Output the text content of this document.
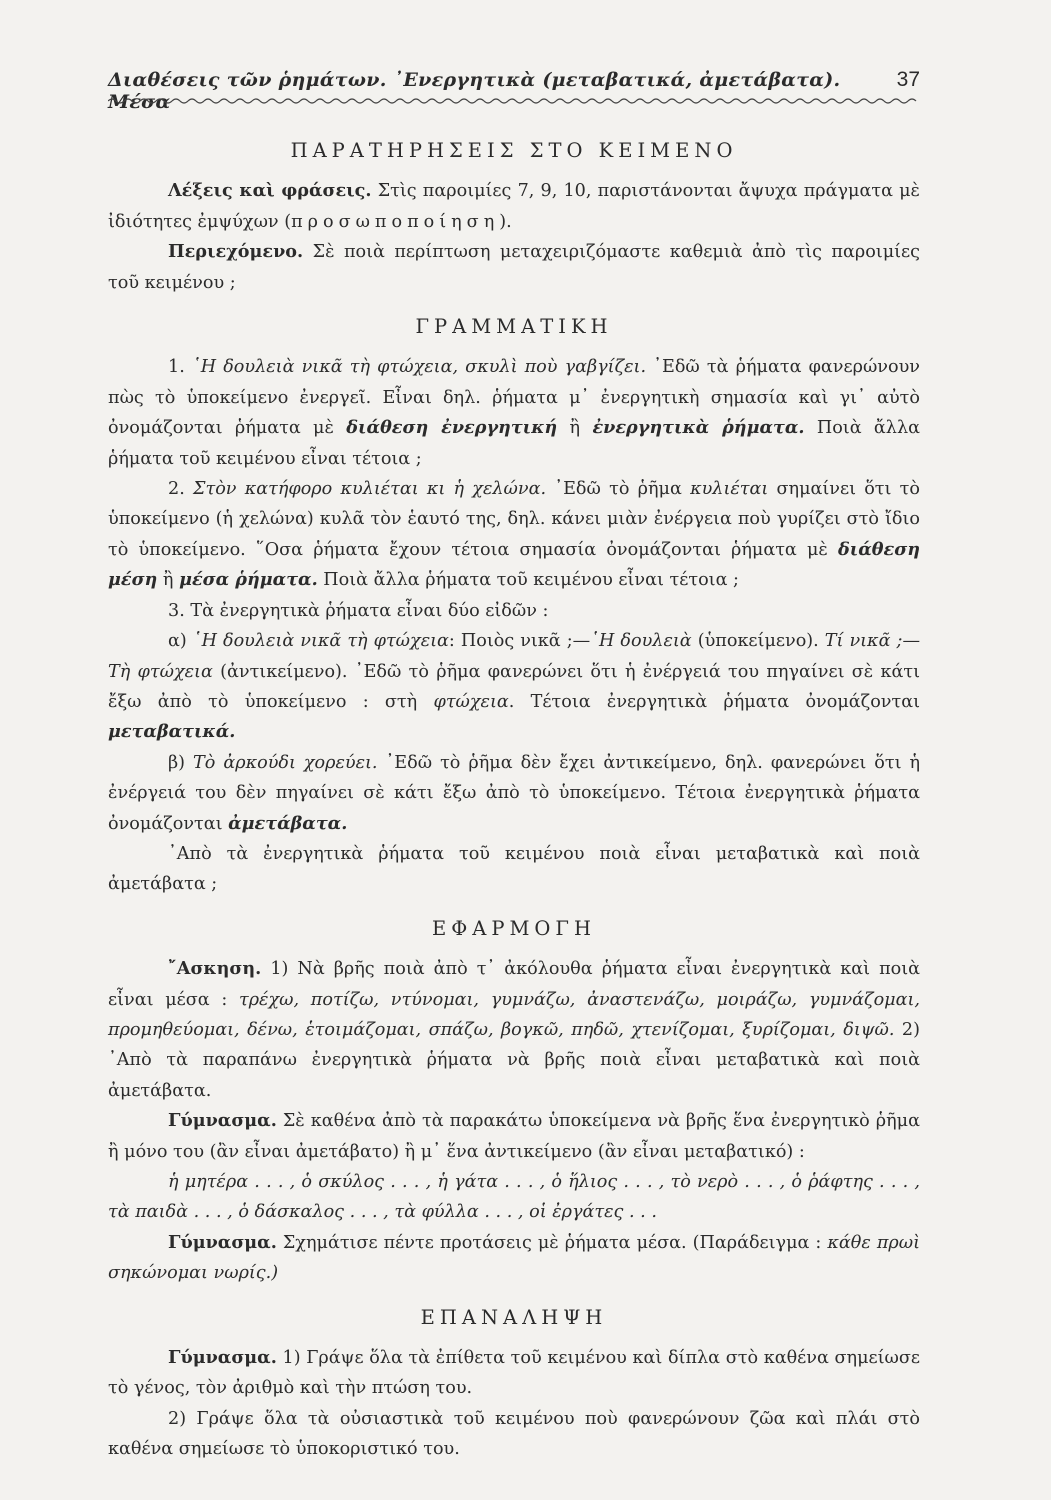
Διαθέσεις τῶν ῥημάτων. ᾿Ενεργητικὰ (μεταβατικά, ἀμετάβατα). Μέσα
37
ΠΑΡΑΤΗΡΗΣΕΙΣ ΣΤΟ ΚΕΙΜΕΝΟ

Λέξεις καὶ φράσεις. Στὶς παροιμίες 7, 9, 10, παριστάνονται ἄψυχα πράγματα μὲ ἰδιότητες ἐμψύχων (προσωποποίηση).

Περιεχόμενο. Σὲ ποιὰ περίπτωση μεταχειριζόμαστε καθεμιὰ ἀπὸ τὶς παροιμίες τοῦ κειμένου ;

ΓΡΑΜΜΑΤΙΚΗ

1. ῾Η δουλειὰ νικᾶ τὴ φτώχεια, σκυλὶ ποὺ γαβγίζει. ᾿Εδῶ τὰ ῥήματα φανερώνουν πὼς τὸ ὑποκείμενο ἐνεργεῖ. Εἶναι δηλ. ῥήματα μ᾿ ἐνεργητικὴ σημασία καὶ γι᾿ αὐτὸ ὀνομάζονται ῥήματα μὲ διάθεση ἐνεργητική ἢ ἐνεργητικὰ ῥήματα. Ποιὰ ἄλλα ῥήματα τοῦ κειμένου εἶναι τέτοια ;

2. Στὸν κατήφορο κυλιέται κι ἡ χελώνα. ᾿Εδῶ τὸ ῥῆμα κυλιέται σημαίνει ὅτι τὸ ὑποκείμενο (ἡ χελώνα) κυλᾶ τὸν ἑαυτό της, δηλ. κάνει μιὰν ἐνέργεια ποὺ γυρίζει στὸ ἴδιο τὸ ὑποκείμενο. ῞Οσα ῥήματα ἔχουν τέτοια σημασία ὀνομάζονται ῥήματα μὲ διάθεση μέση ἢ μέσα ῥήματα. Ποιὰ ἄλλα ῥήματα τοῦ κειμένου εἶναι τέτοια ;

3. Τὰ ἐνεργητικὰ ῥήματα εἶναι δύο εἰδῶν :

α) ῾Η δουλειὰ νικᾶ τὴ φτώχεια: Ποιὸς νικᾶ ;—῾Η δουλειὰ (ὑποκείμενο). Τί νικᾶ ;—Τὴ φτώχεια (ἀντικείμενο). ᾿Εδῶ τὸ ῥῆμα φανερώνει ὅτι ἡ ἐνέργειά του πηγαίνει σὲ κάτι ἔξω ἀπὸ τὸ ὑποκείμενο : στὴ φτώχεια. Τέτοια ἐνεργητικὰ ῥήματα ὀνομάζονται μεταβατικά.

β) Τὸ ἀρκούδι χορεύει. ᾿Εδῶ τὸ ῥῆμα δὲν ἔχει ἀντικείμενο, δηλ. φανερώνει ὅτι ἡ ἐνέργειά του δὲν πηγαίνει σὲ κάτι ἔξω ἀπὸ τὸ ὑποκείμενο. Τέτοια ἐνεργητικὰ ῥήματα ὀνομάζονται ἀμετάβατα.

᾿Απὸ τὰ ἐνεργητικὰ ῥήματα τοῦ κειμένου ποιὰ εἶναι μεταβατικὰ καὶ ποιὰ ἀμετάβατα ;

ΕΦΑΡΜΟΓΗ

῎Ασκηση. 1) Νὰ βρῆς ποιὰ ἀπὸ τ᾿ ἀκόλουθα ῥήματα εἶναι ἐνεργητικὰ καὶ ποιὰ εἶναι μέσα : τρέχω, ποτίζω, ντύνομαι, γυμνάζω, ἀναστενάζω, μοιράζω, γυμνάζομαι, προμηθεύομαι, δένω, ἑτοιμάζομαι, σπάζω, βογκῶ, πηδῶ, χτενίζομαι, ξυρίζομαι, διψῶ. 2) ᾿Απὸ τὰ παραπάνω ἐνεργητικὰ ῥήματα νὰ βρῆς ποιὰ εἶναι μεταβατικὰ καὶ ποιὰ ἀμετάβατα.

Γύμνασμα. Σὲ καθένα ἀπὸ τὰ παρακάτω ὑποκείμενα νὰ βρῆς ἕνα ἐνεργητικὸ ῥῆμα ἢ μόνο του (ἂν εἶναι ἀμετάβατο) ἢ μ᾿ ἕνα ἀντικείμενο (ἂν εἶναι μεταβατικό) :

ἡ μητέρα . . . , ὁ σκύλος . . . , ἡ γάτα . . . , ὁ ἥλιος . . . , τὸ νερὸ . . . , ὁ ῥάφτης . . . , τὰ παιδὰ . . . , ὁ δάσκαλος . . . , τὰ φύλλα . . . , οἱ ἐργάτες . . .

Γύμνασμα. Σχημάτισε πέντε προτάσεις μὲ ῥήματα μέσα. (Παράδειγμα : κάθε πρωὶ σηκώνομαι νωρίς.)

ΕΠΑΝΑΛΗΨΗ

Γύμνασμα. 1) Γράψε ὅλα τὰ ἐπίθετα τοῦ κειμένου καὶ δίπλα στὸ καθένα σημείωσε τὸ γένος, τὸν ἀριθμὸ καὶ τὴν πτώση του.

2) Γράψε ὅλα τὰ οὐσιαστικὰ τοῦ κειμένου ποὺ φανερώνουν ζῶα καὶ πλάι στὸ καθένα σημείωσε τὸ ὑποκοριστικό του.
